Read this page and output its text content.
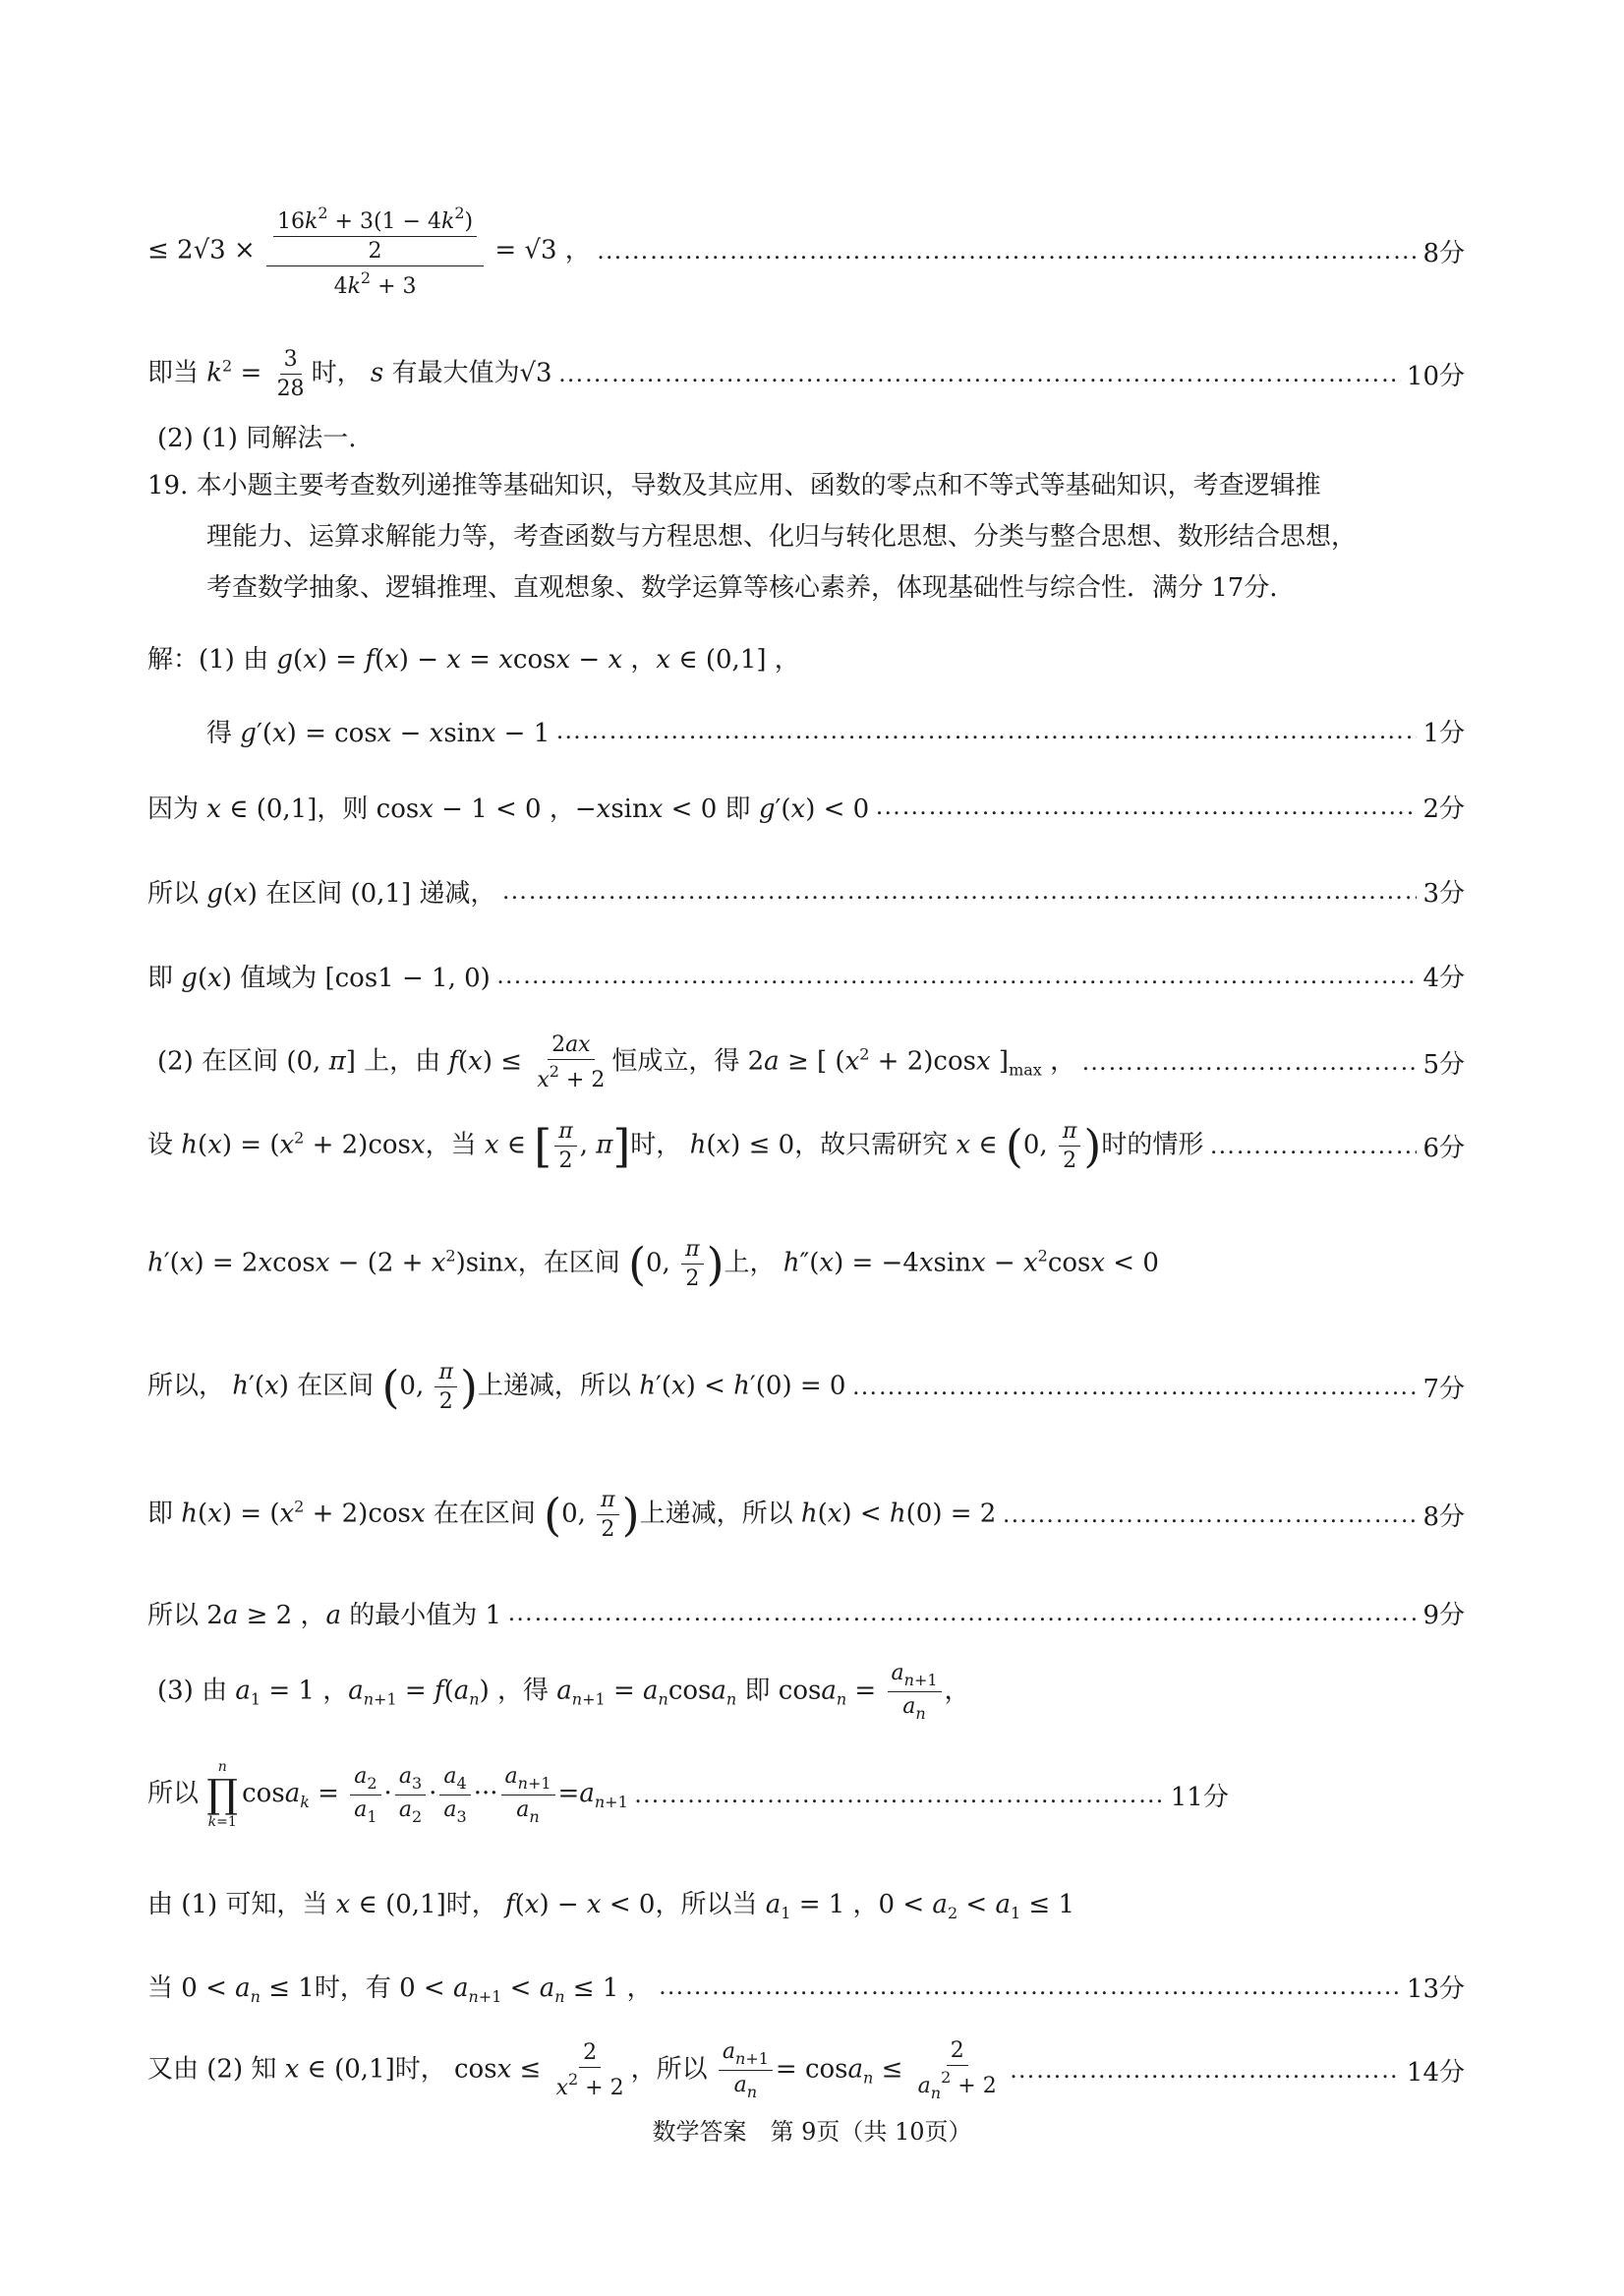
≤ $2√3 \times \frac{\frac{16k^2 + 3(1 - 4k^2)}{2}}{4k^2 + 3} = √3$ ， …………………………………………………………………………………………………………………………………………………………………………………………………………………………………………	8分
即当 $k^2 = \frac{3}{28}$ 时， s 有最大值为√3 …………………………………………………………………………………………………………………………………………………………………………………………………………………………………………	10分
(2) (1) 同解法一.
19. 本小题主要考查数列递推等基础知识，导数及其应用、函数的零点和不等式等基础知识，考查逻辑推
理能力、运算求解能力等，考查函数与方程思想、化归与转化思想、分类与整合思想、数形结合思想，
考查数学抽象、逻辑推理、直观想象、数学运算等核心素养，体现基础性与综合性．满分 17分．
解：(1) 由 g(x) = f(x) − x = xcosx − x ，x ∈ (0,1] ，
得 g′(x) = cosx − xsinx − 1 …………………………………………………………………………………………………………………………………………………………………………………………………………………………………………	1分
因为 x ∈ (0,1]，则 cosx − 1 < 0 ，−xsinx < 0 即 g′(x) < 0 …………………………………………………………………………………………………………………………………………………………………………………………………………………………………………	2分
所以 g(x) 在区间 (0,1] 递减， …………………………………………………………………………………………………………………………………………………………………………………………………………………………………………	3分
即 g(x) 值域为 [cos1 − 1, 0) …………………………………………………………………………………………………………………………………………………………………………………………………………………………………………	4分
(2) 在区间 (0, π] 上，由 $f(x) \le \frac{2ax}{x^2 + 2}$ 恒成立，得 2a ≥ [ $(x^2 + 2)\cos x$ ]$_{max}$ ， …………………………………………………………………………………………………………………………………………………………………………………………………………………………………………	5分
设 $h(x) = (x^2 + 2)\cos x$，当 x ∈ [ $\frac{\pi}{2}$ , π]时， h(x) ≤ 0，故只需研究 x ∈ (0, $\frac{\pi}{2}$ )时的情形 …………………………………………………………………………………………………………………………………………………………………………………………………………………………………………	6分
$h'(x) = 2xcosx - (2 + x^2)\sin x$，在区间 (0, $\frac{\pi}{2}$ )上， $h''(x) = -4xsinx - x^2\cos x < 0$
所以， h′(x) 在区间 (0, $\frac{\pi}{2}$ )上递减，所以 h′(x) < h′(0) = 0 …………………………………………………………………………………………………………………………………………………………………………………………………………………………………………	7分
即 $h(x) = (x^2 + 2)\cos x$ 在在区间 (0, $\frac{\pi}{2}$ )上递减，所以 h(x) < h(0) = 2 …………………………………………………………………………………………………………………………………………………………………………………………………………………………………………	8分
所以 2a ≥ 2 ，a 的最小值为 1 …………………………………………………………………………………………………………………………………………………………………………………………………………………………………………	9分
(3) 由 $a_1 = 1$ ，$a_{n+1} = f(a_n)$ ，得 $a_{n+1} = a_n\cos a_n$ 即 $\cos a_n = \frac{a_{n+1}}{a_n}$ ，
所以
n
∏
k=1
$\cos a_k = \frac{a_2}{a_1} \cdot \frac{a_3}{a_2} \cdot \frac{a_4}{a_3}$ ··· $\frac{a_{n+1}}{a_n} =a_{n+1}$ …………………………………………………………………………………………………………………………………………………………………………………………………………………………………………	11分
由 (1) 可知，当 x ∈ (0,1]时， f(x) − x < 0，所以当 $a_1 = 1$ ，$0 < a_2 < a_1 \le 1$
当 $0 < a_n \le 1$时，有 $0 < a_{n+1} < a_n \le 1$ ， …………………………………………………………………………………………………………………………………………………………………………………………………………………………………………	13分
又由 (2) 知 x ∈ (0,1]时， $\cos x \le \frac{2}{x^2 + 2}$ ，所以 $\frac{a_{n+1}}{a_n} = \cos a_n \le \frac{2}{a_n^2 + 2}$ …………………………………………………………………………………………………………………………………………………………………………………………………………………………………………	14分
数学答案　第 9页（共 10页）
